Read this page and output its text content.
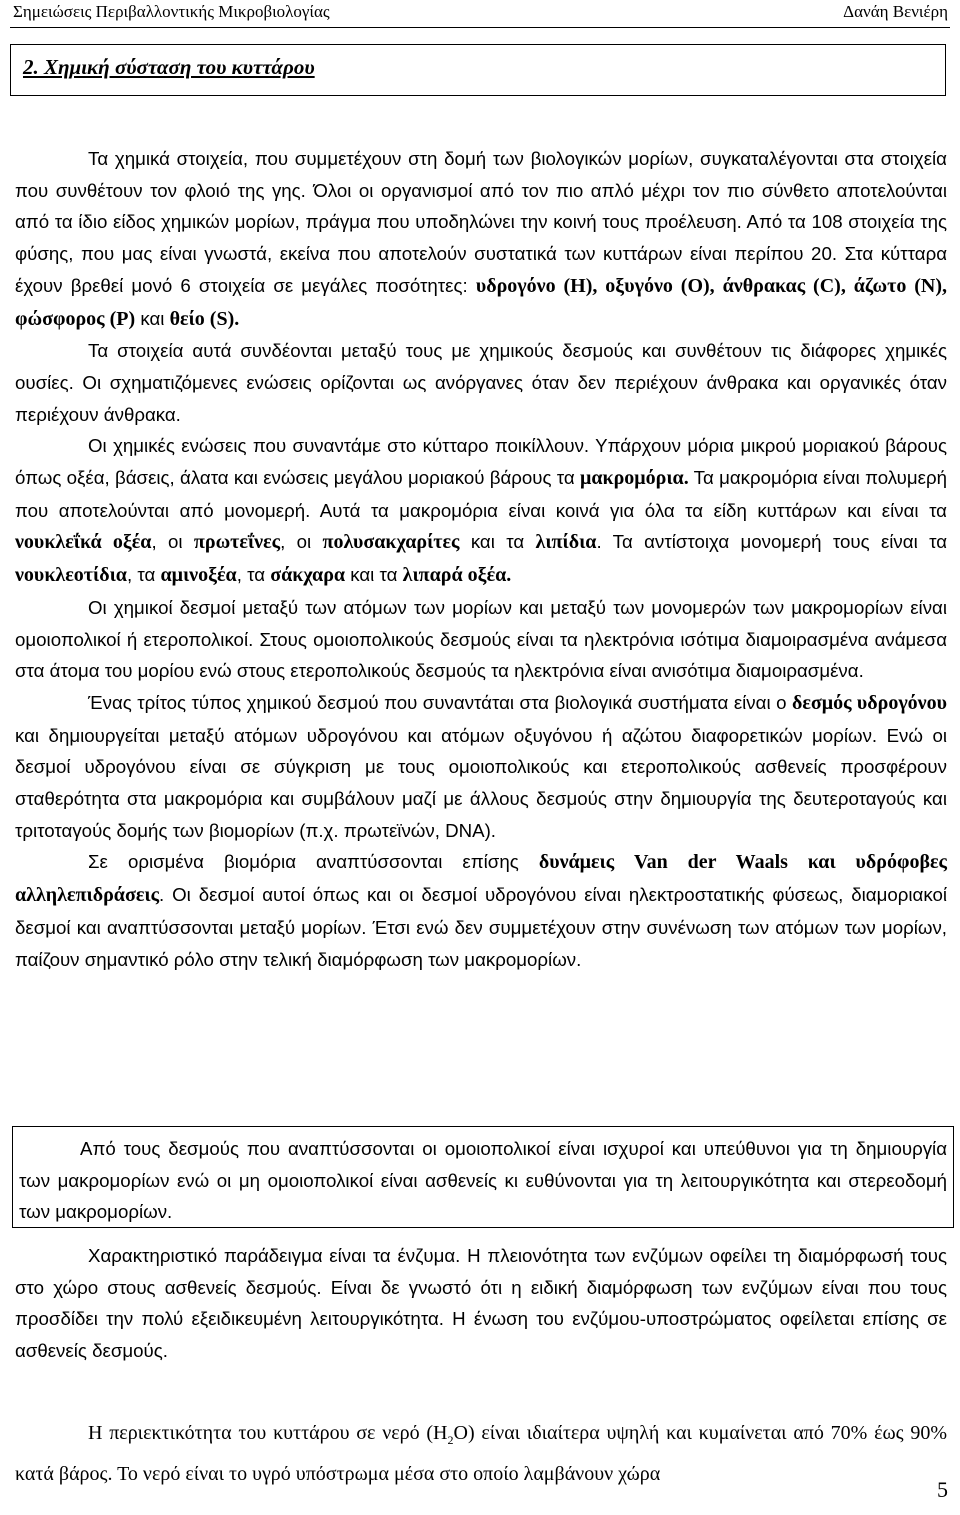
Σημειώσεις Περιβαλλοντικής Μικροβιολογίας	Δανάη Βενιέρη
2. Χημική σύσταση του κυττάρου

Τα χημικά στοιχεία, που συμμετέχουν στη δομή των βιολογικών μορίων, συγκαταλέγονται στα στοιχεία που συνθέτουν τον φλοιό της γης. Όλοι οι οργανισμοί από τον πιο απλό μέχρι τον πιο σύνθετο αποτελούνται από τα ίδιο είδος χημικών μορίων, πράγμα που υποδηλώνει την κοινή τους προέλευση. Από τα 108 στοιχεία της φύσης, που μας είναι γνωστά, εκείνα που αποτελούν συστατικά των κυττάρων είναι περίπου 20. Στα κύτταρα έχουν βρεθεί μονό 6 στοιχεία σε μεγάλες ποσότητες: υδρογόνο (Η), οξυγόνο (Ο), άνθρακας (C), άζωτο (N), φώσφορος (P) και θείο (S).

Τα στοιχεία αυτά συνδέονται μεταξύ τους με χημικούς δεσμούς και συνθέτουν τις διάφορες χημικές ουσίες. Οι σχηματιζόμενες ενώσεις ορίζονται ως ανόργανες όταν δεν περιέχουν άνθρακα και οργανικές όταν περιέχουν άνθρακα.

Οι χημικές ενώσεις που συναντάμε στο κύτταρο ποικίλλουν. Υπάρχουν μόρια μικρού μοριακού βάρους όπως οξέα, βάσεις, άλατα και ενώσεις μεγάλου μοριακού βάρους τα μακρομόρια. Τα μακρομόρια είναι πολυμερή που αποτελούνται από μονομερή. Αυτά τα μακρομόρια είναι κοινά για όλα τα είδη κυττάρων και είναι τα νουκλεΐκά οξέα, οι πρωτεΐνες, οι πολυσακχαρίτες και τα λιπίδια. Τα αντίστοιχα μονομερή τους είναι τα νουκλεοτίδια, τα αμινοξέα, τα σάκχαρα και τα λιπαρά οξέα.

Οι χημικοί δεσμοί μεταξύ των ατόμων των μορίων και μεταξύ των μονομερών των μακρομορίων είναι ομοιοπολικοί ή ετεροπολικοί. Στους ομοιοπολικούς δεσμούς είναι τα ηλεκτρόνια ισότιμα διαμοιρασμένα ανάμεσα στα άτομα του μορίου ενώ στους ετεροπολικούς δεσμούς τα ηλεκτρόνια είναι ανισότιμα διαμοιρασμένα.

Ένας τρίτος τύπος χημικού δεσμού που συναντάται στα βιολογικά συστήματα είναι ο δεσμός υδρογόνου και δημιουργείται μεταξύ ατόμων υδρογόνου και ατόμων οξυγόνου ή αζώτου διαφορετικών μορίων. Ενώ οι δεσμοί υδρογόνου είναι σε σύγκριση με τους ομοιοπολικούς και ετεροπολικούς ασθενείς προσφέρουν σταθερότητα στα μακρομόρια και συμβάλουν μαζί με άλλους δεσμούς στην δημιουργία της δευτεροταγούς και τριτοταγούς δομής των βιομορίων (π.χ. πρωτεϊνών, DNA).

Σε ορισμένα βιομόρια αναπτύσσονται επίσης δυνάμεις Van der Waals και υδρόφοβες αλληλεπιδράσεις. Οι δεσμοί αυτοί όπως και οι δεσμοί υδρογόνου είναι ηλεκτροστατικής φύσεως, διαμοριακοί δεσμοί και αναπτύσσονται μεταξύ μορίων. Έτσι ενώ δεν συμμετέχουν στην συνένωση των ατόμων των μορίων, παίζουν σημαντικό ρόλο στην τελική διαμόρφωση των μακρομορίων.

Από τους δεσμούς που αναπτύσσονται οι ομοιοπολικοί είναι ισχυροί και υπεύθυνοι για τη δημιουργία των μακρομορίων ενώ οι μη ομοιοπολικοί είναι ασθενείς κι ευθύνονται για τη λειτουργικότητα και στερεοδομή των μακρομορίων.

Χαρακτηριστικό παράδειγμα είναι τα ένζυμα. Η πλειονότητα των ενζύμων οφείλει τη διαμόρφωσή τους στο χώρο στους ασθενείς δεσμούς. Είναι δε γνωστό ότι η ειδική διαμόρφωση των ενζύμων είναι που τους προσδίδει την πολύ εξειδικευμένη λειτουργικότητα. Η ένωση του ενζύμου-υποστρώματος οφείλεται επίσης σε ασθενείς δεσμούς.

Η περιεκτικότητα του κυττάρου σε νερό $(H_2O)$ είναι ιδιαίτερα υψηλή και κυμαίνεται από 70% έως 90% κατά βάρος. Το νερό είναι το υγρό υπόστρωμα μέσα στο οποίο λαμβάνουν χώρα

5
